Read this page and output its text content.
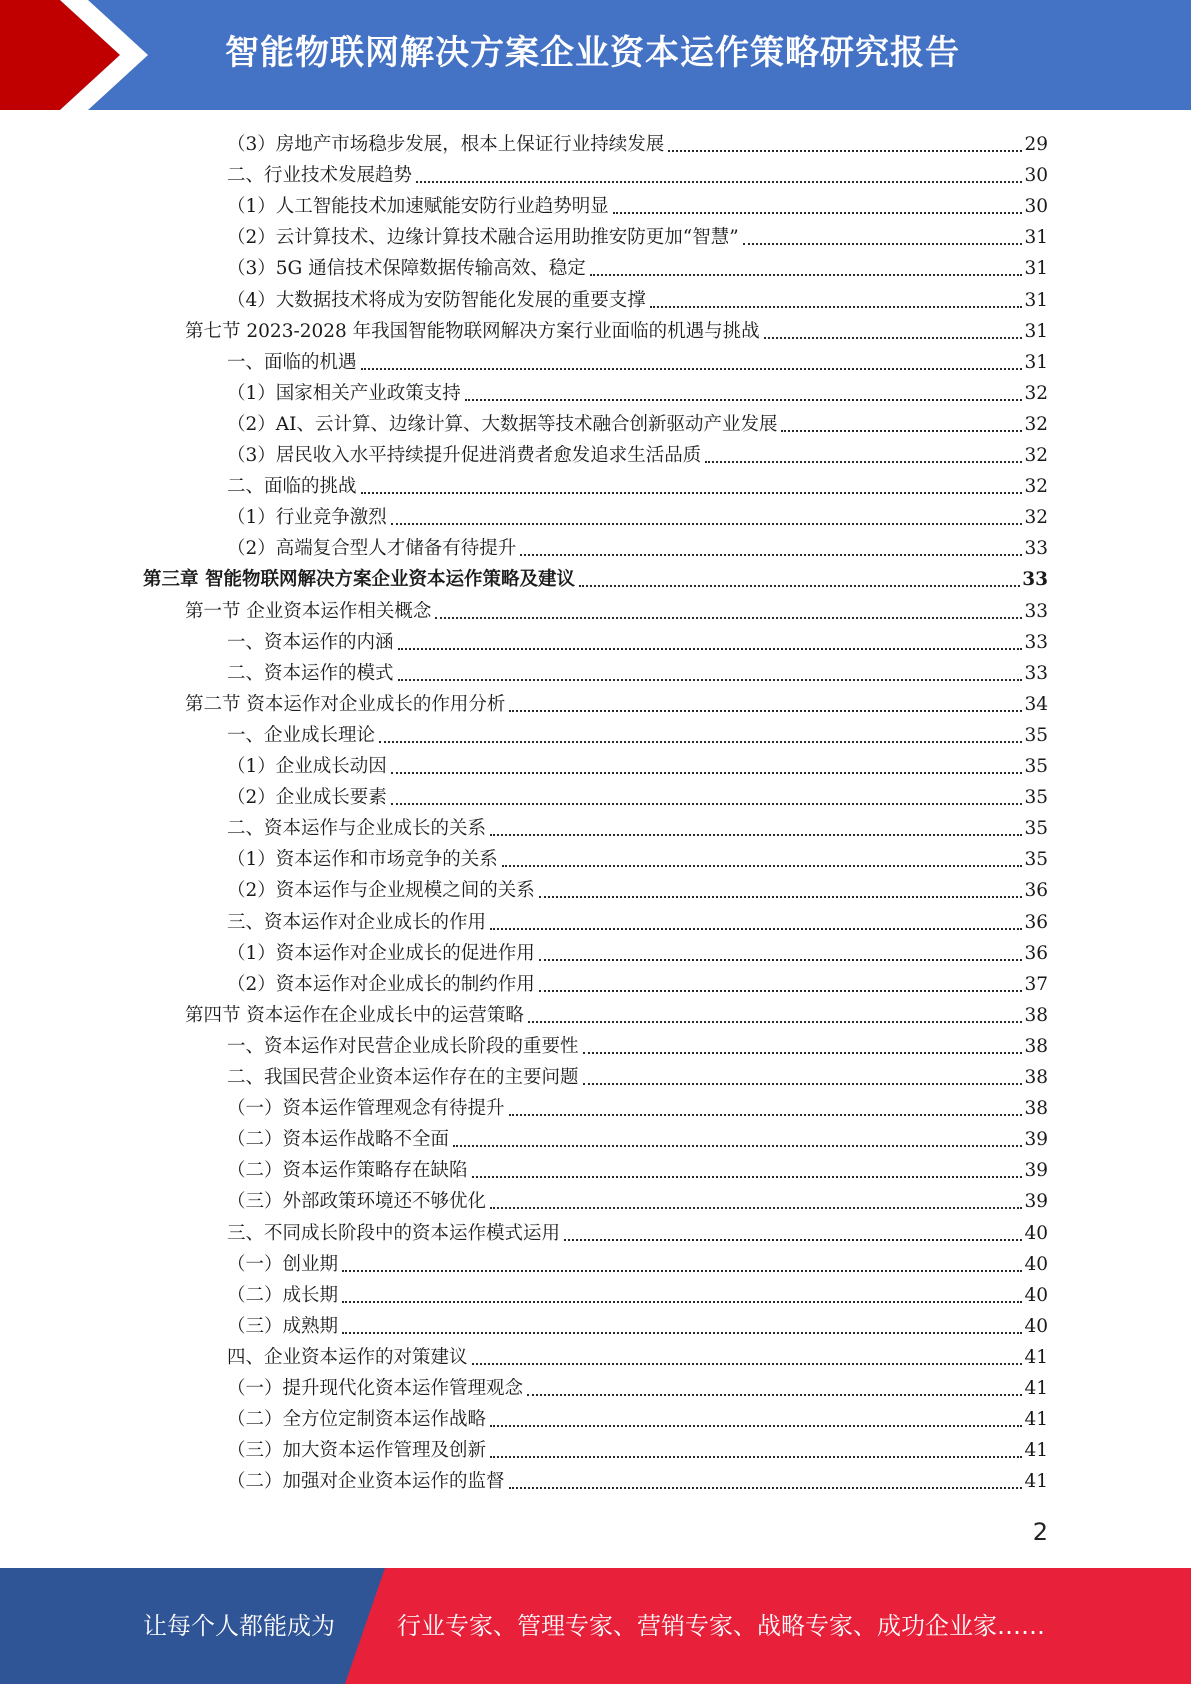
智能物联网解决方案企业资本运作策略研究报告
（3）房地产市场稳步发展，根本上保证行业持续发展	29
二、行业技术发展趋势	30
（1）人工智能技术加速赋能安防行业趋势明显	30
（2）云计算技术、边缘计算技术融合运用助推安防更加“智慧”	31
（3）5G 通信技术保障数据传输高效、稳定	31
（4）大数据技术将成为安防智能化发展的重要支撑	31
第七节 2023-2028 年我国智能物联网解决方案行业面临的机遇与挑战	31
一、面临的机遇	31
（1）国家相关产业政策支持	32
（2）AI、云计算、边缘计算、大数据等技术融合创新驱动产业发展	32
（3）居民收入水平持续提升促进消费者愈发追求生活品质	32
二、面临的挑战	32
（1）行业竞争激烈	32
（2）高端复合型人才储备有待提升	33
第三章 智能物联网解决方案企业资本运作策略及建议	33
第一节 企业资本运作相关概念	33
一、资本运作的内涵	33
二、资本运作的模式	33
第二节 资本运作对企业成长的作用分析	34
一、企业成长理论	35
（1）企业成长动因	35
（2）企业成长要素	35
二、资本运作与企业成长的关系	35
（1）资本运作和市场竞争的关系	35
（2）资本运作与企业规模之间的关系	36
三、资本运作对企业成长的作用	36
（1）资本运作对企业成长的促进作用	36
（2）资本运作对企业成长的制约作用	37
第四节 资本运作在企业成长中的运营策略	38
一、资本运作对民营企业成长阶段的重要性	38
二、我国民营企业资本运作存在的主要问题	38
（一）资本运作管理观念有待提升	38
（二）资本运作战略不全面	39
（二）资本运作策略存在缺陷	39
（三）外部政策环境还不够优化	39
三、不同成长阶段中的资本运作模式运用	40
（一）创业期	40
（二）成长期	40
（三）成熟期	40
四、企业资本运作的对策建议	41
（一）提升现代化资本运作管理观念	41
（二）全方位定制资本运作战略	41
（三）加大资本运作管理及创新	41
（二）加强对企业资本运作的监督	41
2
让每个人都能成为	行业专家、管理专家、营销专家、战略专家、成功企业家……
